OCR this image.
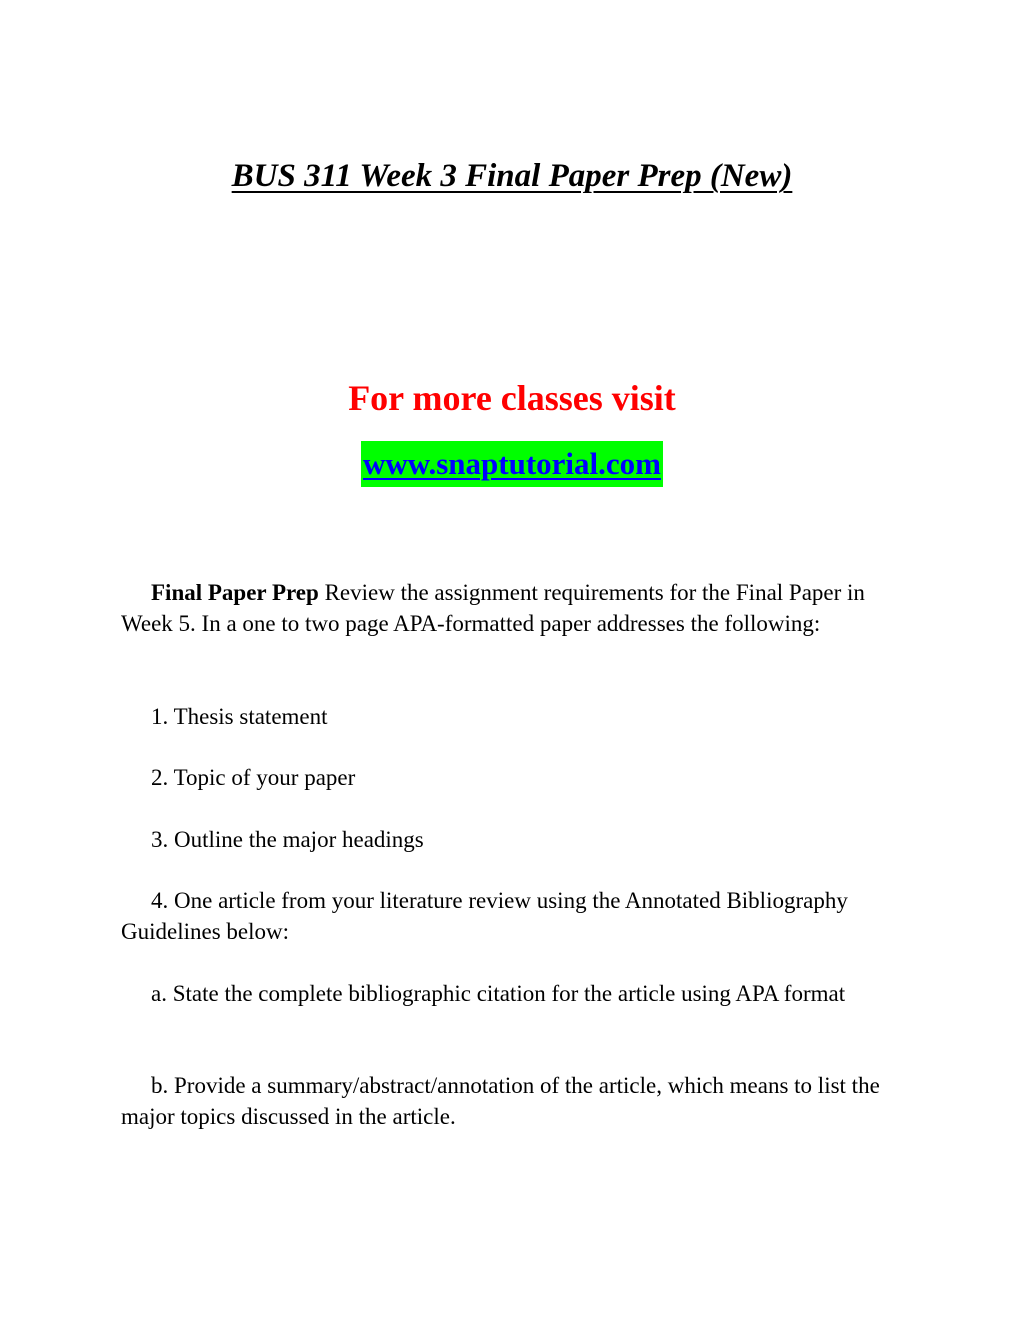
BUS 311 Week 3 Final Paper Prep (New)
For more classes visit
www.snaptutorial.com

Final Paper Prep Review the assignment requirements for the Final Paper in Week 5. In a one to two page APA-formatted paper addresses the following:

1. Thesis statement

2. Topic of your paper

3. Outline the major headings

4. One article from your literature review using the Annotated Bibliography Guidelines below:

a. State the complete bibliographic citation for the article using APA format

b. Provide a summary/abstract/annotation of the article, which means to list the major topics discussed in the article.
